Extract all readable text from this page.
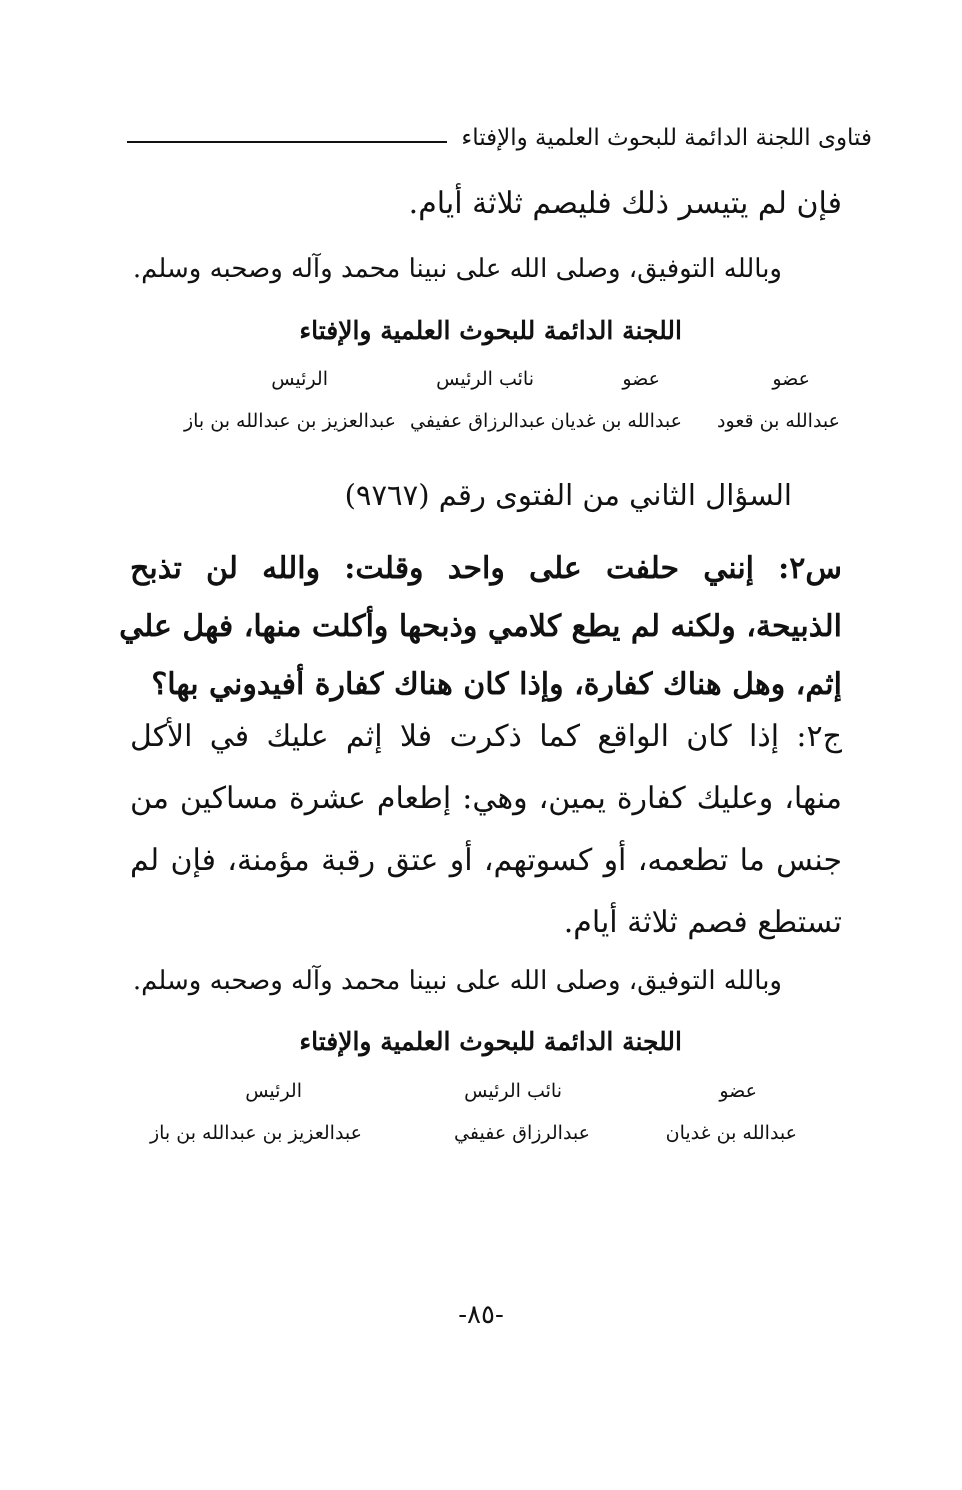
فتاوى اللجنة الدائمة للبحوث العلمية والإفتاء
فإن لم يتيسر ذلك فليصم ثلاثة أيام.
وبالله التوفيق، وصلى الله على نبينا محمد وآله وصحبه وسلم.
اللجنة الدائمة للبحوث العلمية والإفتاء
عضو
عضو
نائب الرئيس
الرئيس
عبدالله بن قعود
عبدالله بن غديان
عبدالرزاق عفيفي
عبدالعزيز بن عبدالله بن باز
السؤال الثاني من الفتوى رقم (٩٧٦٧)
س٢: إنني حلفت على واحد وقلت: والله لن تذبح
الذبيحة، ولكنه لم يطع كلامي وذبحها وأكلت منها، فهل علي
إثم، وهل هناك كفارة، وإذا كان هناك كفارة أفيدوني بها؟
ج٢: إذا كان الواقع كما ذكرت فلا إثم عليك في الأكل
منها، وعليك كفارة يمين، وهي: إطعام عشرة مساكين من
جنس ما تطعمه، أو كسوتهم، أو عتق رقبة مؤمنة، فإن لم
تستطع فصم ثلاثة أيام.
وبالله التوفيق، وصلى الله على نبينا محمد وآله وصحبه وسلم.
اللجنة الدائمة للبحوث العلمية والإفتاء
عضو
نائب الرئيس
الرئيس
عبدالله بن غديان
عبدالرزاق عفيفي
عبدالعزيز بن عبدالله بن باز
-٨٥-
